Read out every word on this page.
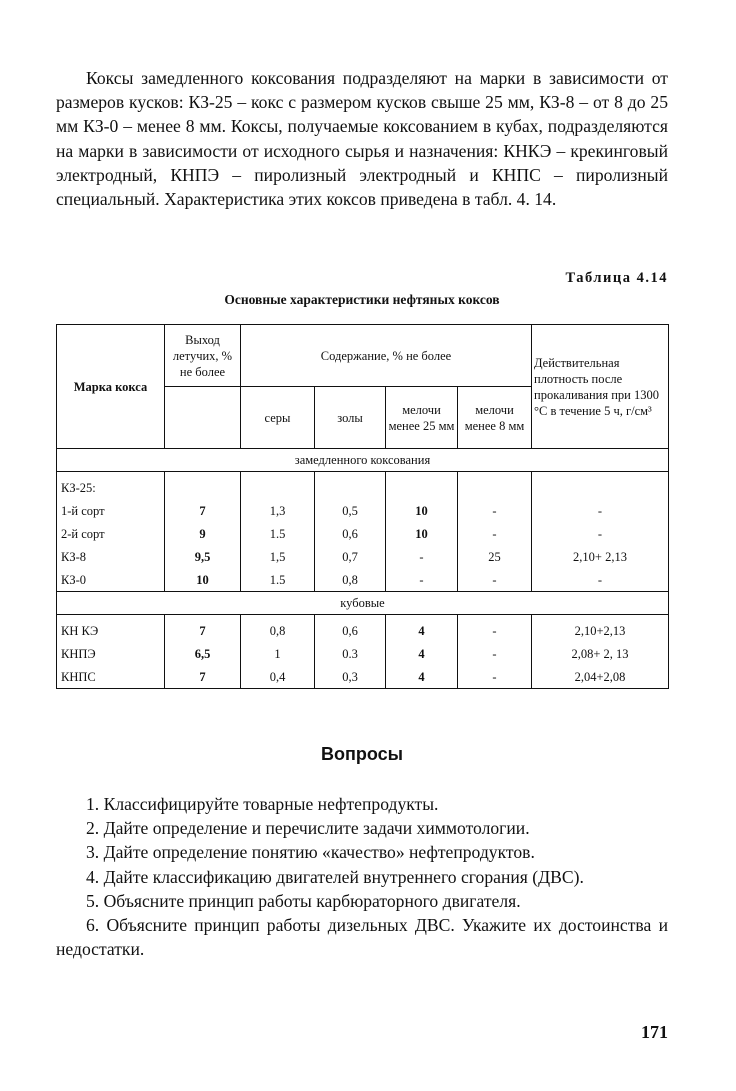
Коксы замедленного коксования подразделяют на марки в зависимости от размеров кусков: КЗ-25 – кокс с размером кусков свыше 25 мм, КЗ-8 – от 8 до 25 мм КЗ-0 – менее 8 мм. Коксы, получаемые коксованием в кубах, подразделяются на марки в зависимости от исходного сырья и назначения: КНКЭ – крекинговый электродный, КНПЭ – пиролизный электродный и КНПС – пиролизный специальный. Характеристика этих коксов приведена в табл. 4. 14.

Таблица 4.14
Основные характеристики нефтяных коксов
Марка кокса	Выход летучих, % не более	Содержание, % не более				Действительная плотность после прокаливания при 1300 °С в течение 5 ч, г/см³
		серы	золы	мелочи менее 25 мм	мелочи менее 8 мм	
замедленного коксования						
КЗ-25:						
1-й сорт	7	1,3	0,5	10	-	-
2-й сорт	9	1.5	0,6	10	-	-
КЗ-8	9,5	1,5	0,7	-	25	2,10+ 2,13
КЗ-0	10	1.5	0,8	-	-	-
кубовые						
КН КЭ	7	0,8	0,6	4	-	2,10+2,13
КНПЭ	6,5	1	0.3	4	-	2,08+ 2, 13
КНПС	7	0,4	0,3	4	-	2,04+2,08
Вопросы
1. Классифицируйте товарные нефтепродукты.
2. Дайте определение и перечислите задачи химмотологии.
3. Дайте определение понятию «качество» нефтепродуктов.
4. Дайте классификацию двигателей внутреннего сгорания (ДВС).
5. Объясните принцип работы карбюраторного двигателя.
6. Объясните принцип работы дизельных ДВС. Укажите их достоинства и недостатки.
171
